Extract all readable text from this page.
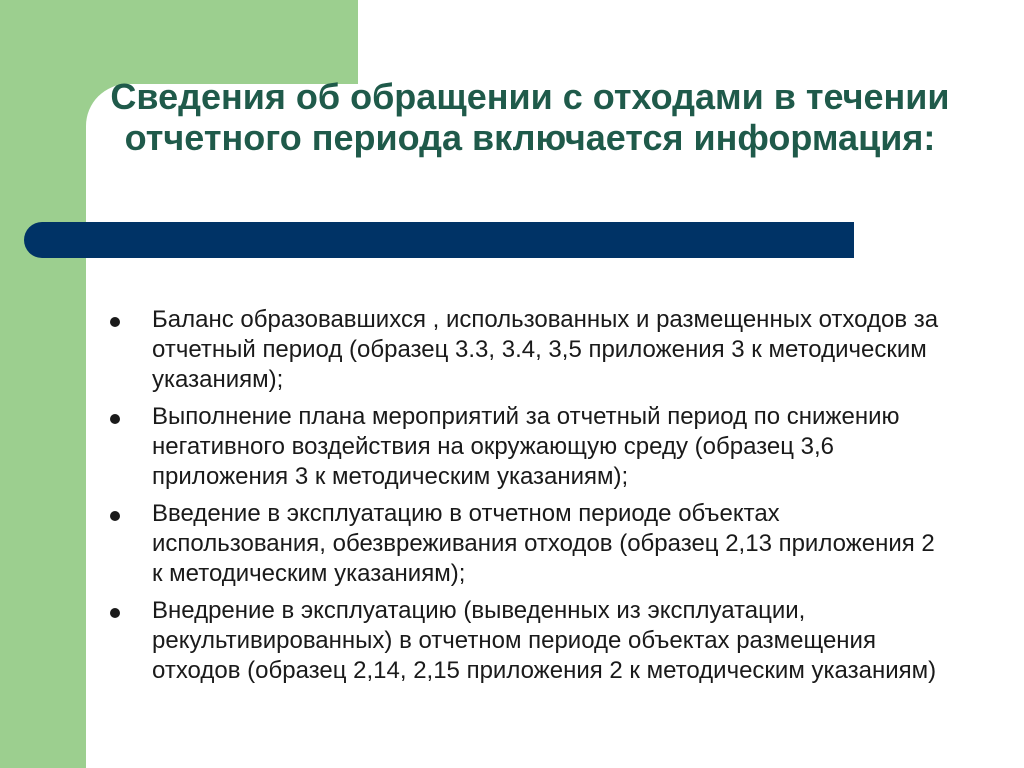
Сведения об обращении с отходами в течении отчетного периода включается информация:
Баланс образовавшихся , использованных и размещенных отходов за отчетный период (образец 3.3, 3.4, 3,5 приложения 3 к методическим указаниям);
Выполнение плана мероприятий за отчетный период по снижению негативного воздействия на окружающую среду (образец 3,6 приложения 3 к методическим указаниям);
Введение в эксплуатацию в отчетном периоде объектах использования, обезвреживания отходов (образец 2,13 приложения 2 к методическим указаниям);
Внедрение в эксплуатацию (выведенных из эксплуатации, рекультивированных) в отчетном периоде объектах размещения отходов (образец 2,14, 2,15 приложения 2 к методическим указаниям)
